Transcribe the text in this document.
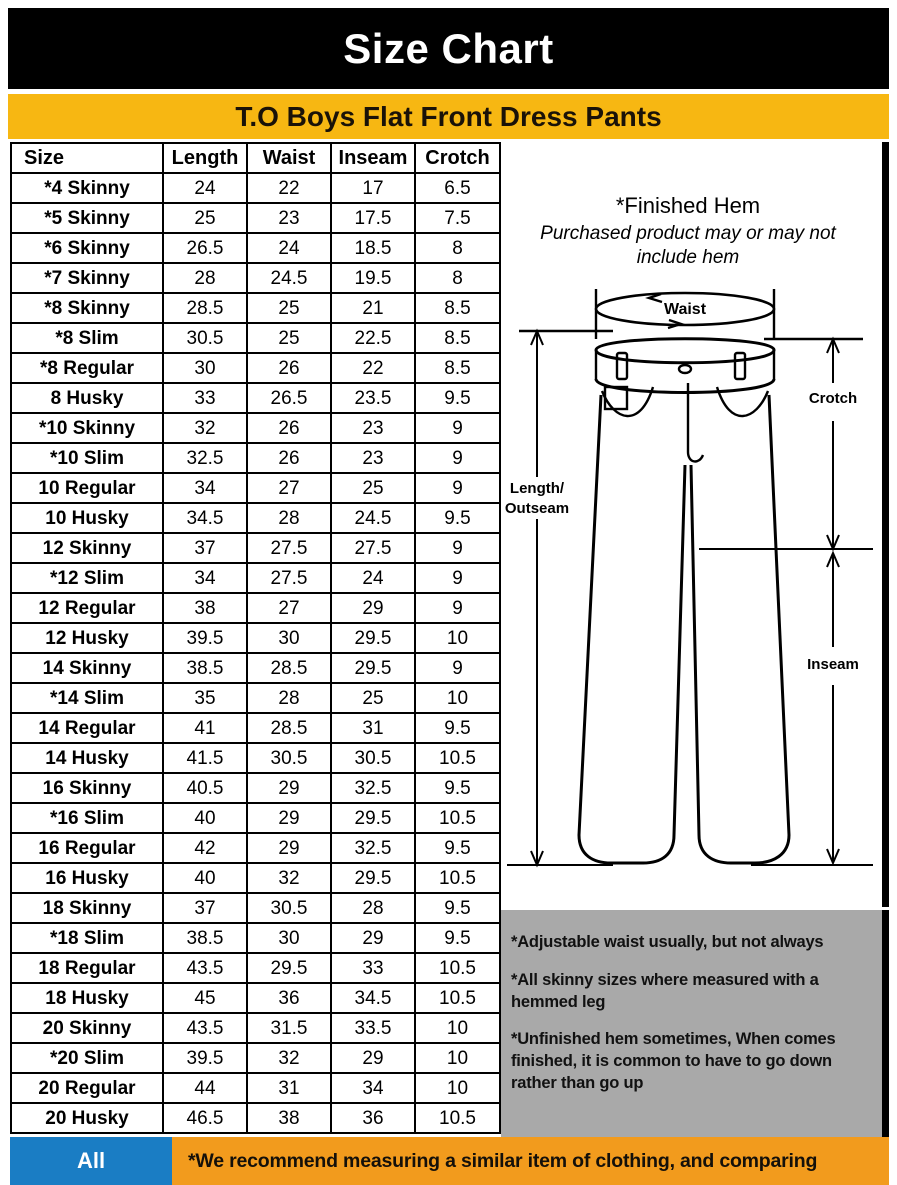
Size Chart
T.O Boys Flat Front Dress Pants
Size	Length	Waist	Inseam	Crotch
*4 Skinny	24	22	17	6.5
*5 Skinny	25	23	17.5	7.5
*6 Skinny	26.5	24	18.5	8
*7 Skinny	28	24.5	19.5	8
*8 Skinny	28.5	25	21	8.5
*8 Slim	30.5	25	22.5	8.5
*8 Regular	30	26	22	8.5
8 Husky	33	26.5	23.5	9.5
*10 Skinny	32	26	23	9
*10 Slim	32.5	26	23	9
10 Regular	34	27	25	9
10 Husky	34.5	28	24.5	9.5
12 Skinny	37	27.5	27.5	9
*12 Slim	34	27.5	24	9
12 Regular	38	27	29	9
12 Husky	39.5	30	29.5	10
14 Skinny	38.5	28.5	29.5	9
*14 Slim	35	28	25	10
14 Regular	41	28.5	31	9.5
14 Husky	41.5	30.5	30.5	10.5
16 Skinny	40.5	29	32.5	9.5
*16 Slim	40	29	29.5	10.5
16 Regular	42	29	32.5	9.5
16 Husky	40	32	29.5	10.5
18 Skinny	37	30.5	28	9.5
*18 Slim	38.5	30	29	9.5
18 Regular	43.5	29.5	33	10.5
18 Husky	45	36	34.5	10.5
20 Skinny	43.5	31.5	33.5	10
*20 Slim	39.5	32	29	10
20 Regular	44	31	34	10
20 Husky	46.5	38	36	10.5
*Finished Hem
Purchased product may or may not include hem
Waist
Crotch
Inseam
Length/
Outseam
*Adjustable waist usually, but not always
*All skinny sizes where measured with a hemmed leg
*Unfinished hem sometimes, When comes finished, it is common to have to go down rather than go up
All	*We recommend measuring a similar item of clothing, and comparing
